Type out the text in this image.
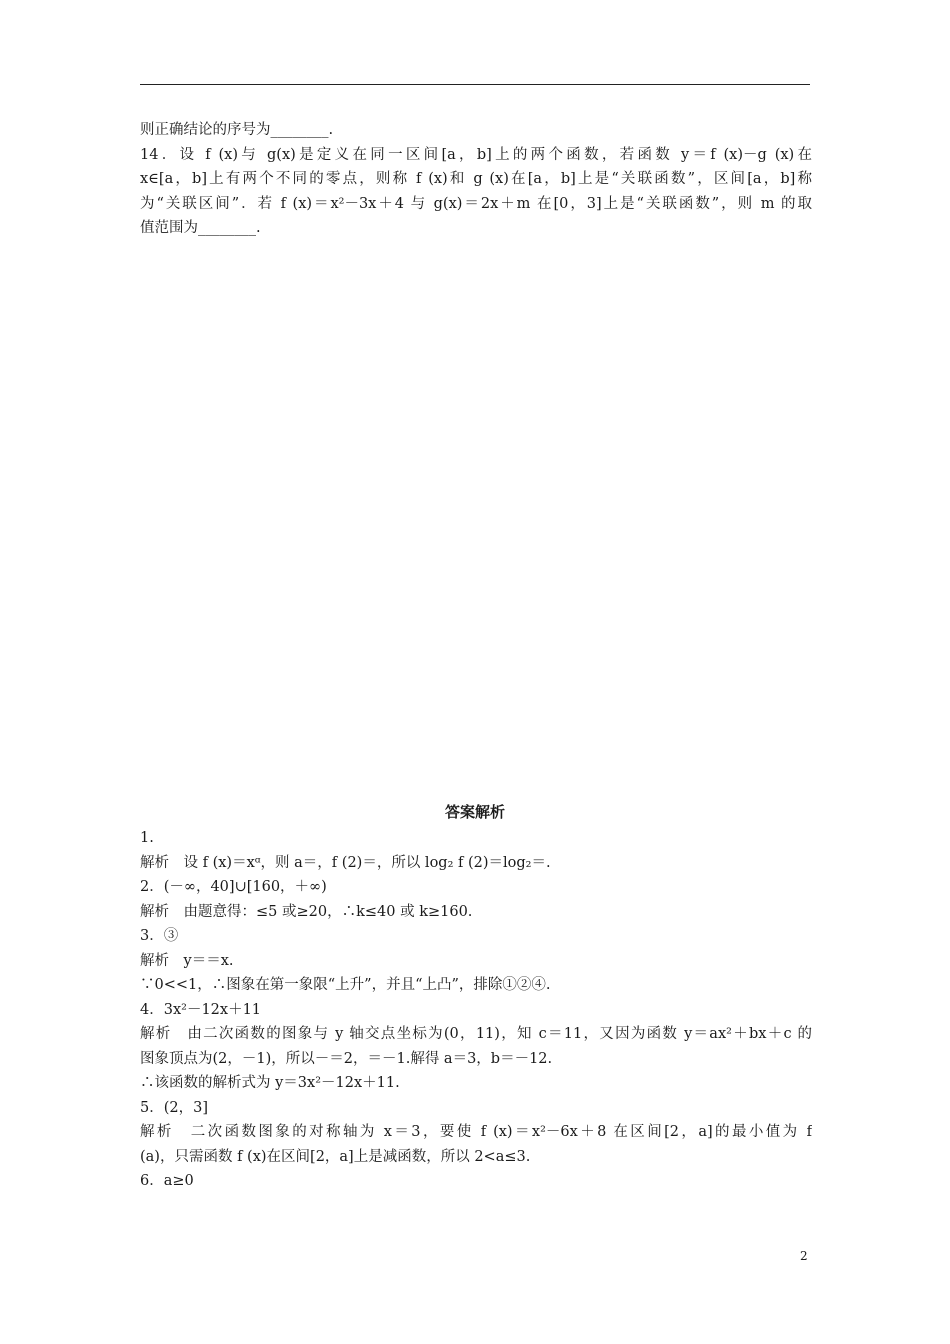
则正确结论的序号为________.
14．设 f (x)与 g(x)是定义在同一区间[a，b]上的两个函数，若函数 y＝f (x)－g (x)在
x∈[a，b]上有两个不同的零点，则称 f (x)和 g (x)在[a，b]上是“关联函数”，区间[a，b]称
为“关联区间”．若 f (x)＝x²－3x＋4 与 g(x)＝2x＋m 在[0，3]上是“关联函数”，则 m 的取
值范围为________.
答案解析
1.
解析　设 f (x)＝xᵅ，则 a＝，f (2)＝，所以 log₂ f (2)＝log₂＝.
2．(－∞，40]∪[160，＋∞)
解析　由题意得：≤5 或≥20，∴k≤40 或 k≥160.
3．③
解析　y＝＝x.
∵0<<1，∴图象在第一象限“上升”，并且“上凸”，排除①②④.
4．3x²－12x＋11
解析　由二次函数的图象与 y 轴交点坐标为(0，11)，知 c＝11，又因为函数 y＝ax²＋bx＋c 的
图象顶点为(2，－1)，所以－＝2，＝－1.解得 a＝3，b＝－12.
∴该函数的解析式为 y＝3x²－12x＋11.
5．(2，3]
解析　二次函数图象的对称轴为 x＝3，要使 f (x)＝x²－6x＋8 在区间[2，a]的最小值为 f
(a)，只需函数 f (x)在区间[2，a]上是减函数，所以 2<a≤3.
6．a≥0
2
